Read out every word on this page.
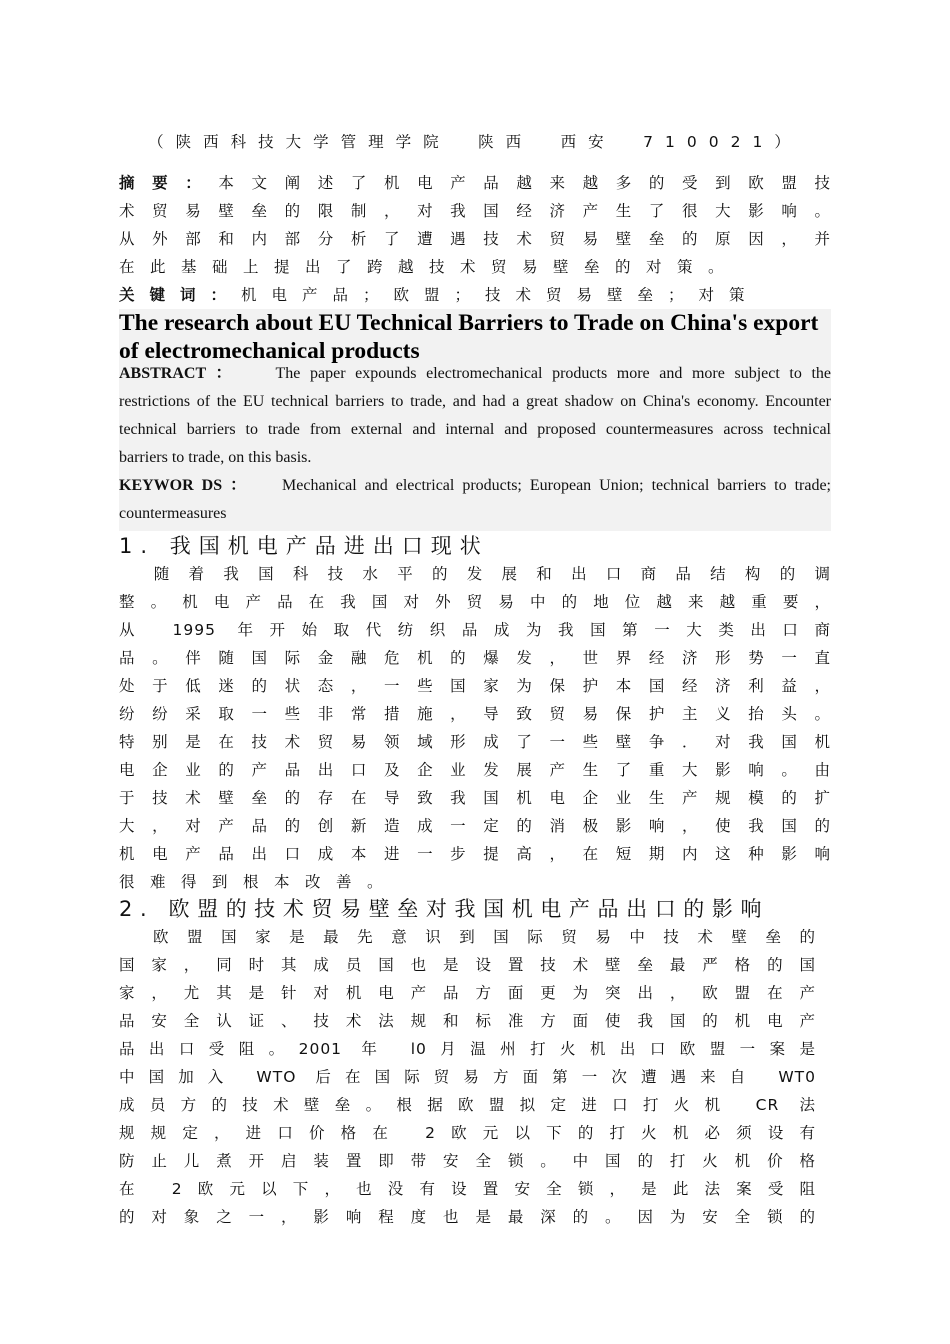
（陕西科技大学管理学院　陕西　西安　710021）
摘要：本文阐述了机电产品越来越多的受到欧盟技
术贸易壁垒的限制，对我国经济产生了很大影响。
从外部和内部分析了遭遇技术贸易壁垒的原因，并
在此基础上提出了跨越技术贸易壁垒的对策。
关键词：机电产品；欧盟；技术贸易壁垒；对策
The research about EU Technical Barriers to Trade on China's export of electromechanical products
ABSTRACT ： The paper expounds electromechanical products more and more subject to the
restrictions of the EU technical barriers to trade, and had a great shadow on China's economy. Encounter
technical barriers to trade from external and internal and proposed countermeasures across technical
barriers to trade, on this basis.
KEYWOR DS ： Mechanical and electrical products; European Union; technical barriers to trade;
countermeasures
1. 我国机电产品进出口现状
　随着我国科技水平的发展和出口商品结构的调
整。机电产品在我国对外贸易中的地位越来越重要，
从 1995 年开始取代纺织品成为我国第一大类出口商
品。伴随国际金融危机的爆发，世界经济形势一直
处于低迷的状态，一些国家为保护本国经济利益，
纷纷采取一些非常措施，导致贸易保护主义抬头。
特别是在技术贸易领域形成了一些壁争．对我国机
电企业的产品出口及企业发展产生了重大影响。由
于技术壁垒的存在导致我国机电企业生产规模的扩
大，对产品的创新造成一定的消极影响，使我国的
机电产品出口成本进一步提高，在短期内这种影响
很难得到根本改善。
2. 欧盟的技术贸易壁垒对我国机电产品出口的影响
　欧盟国家是最先意识到国际贸易中技术壁垒的
国家，同时其成员国也是设置技术壁垒最严格的国
家，尤其是针对机电产品方面更为突出，欧盟在产
品安全认证、技术法规和标准方面使我国的机电产
品出口受阻。2001 年 l0月温州打火机出口欧盟一案是
中国加入 WTO 后在国际贸易方面第一次遭遇来自 WT0
成员方的技术壁垒。根据欧盟拟定进口打火机 CR 法
规规定，进口价格在 2欧元以下的打火机必须设有
防止儿煮开启装置即带安全锁。中国的打火机价格
在 2欧元以下，也没有设置安全锁，是此法案受阻
的对象之一，影响程度也是最深的。因为安全锁的
